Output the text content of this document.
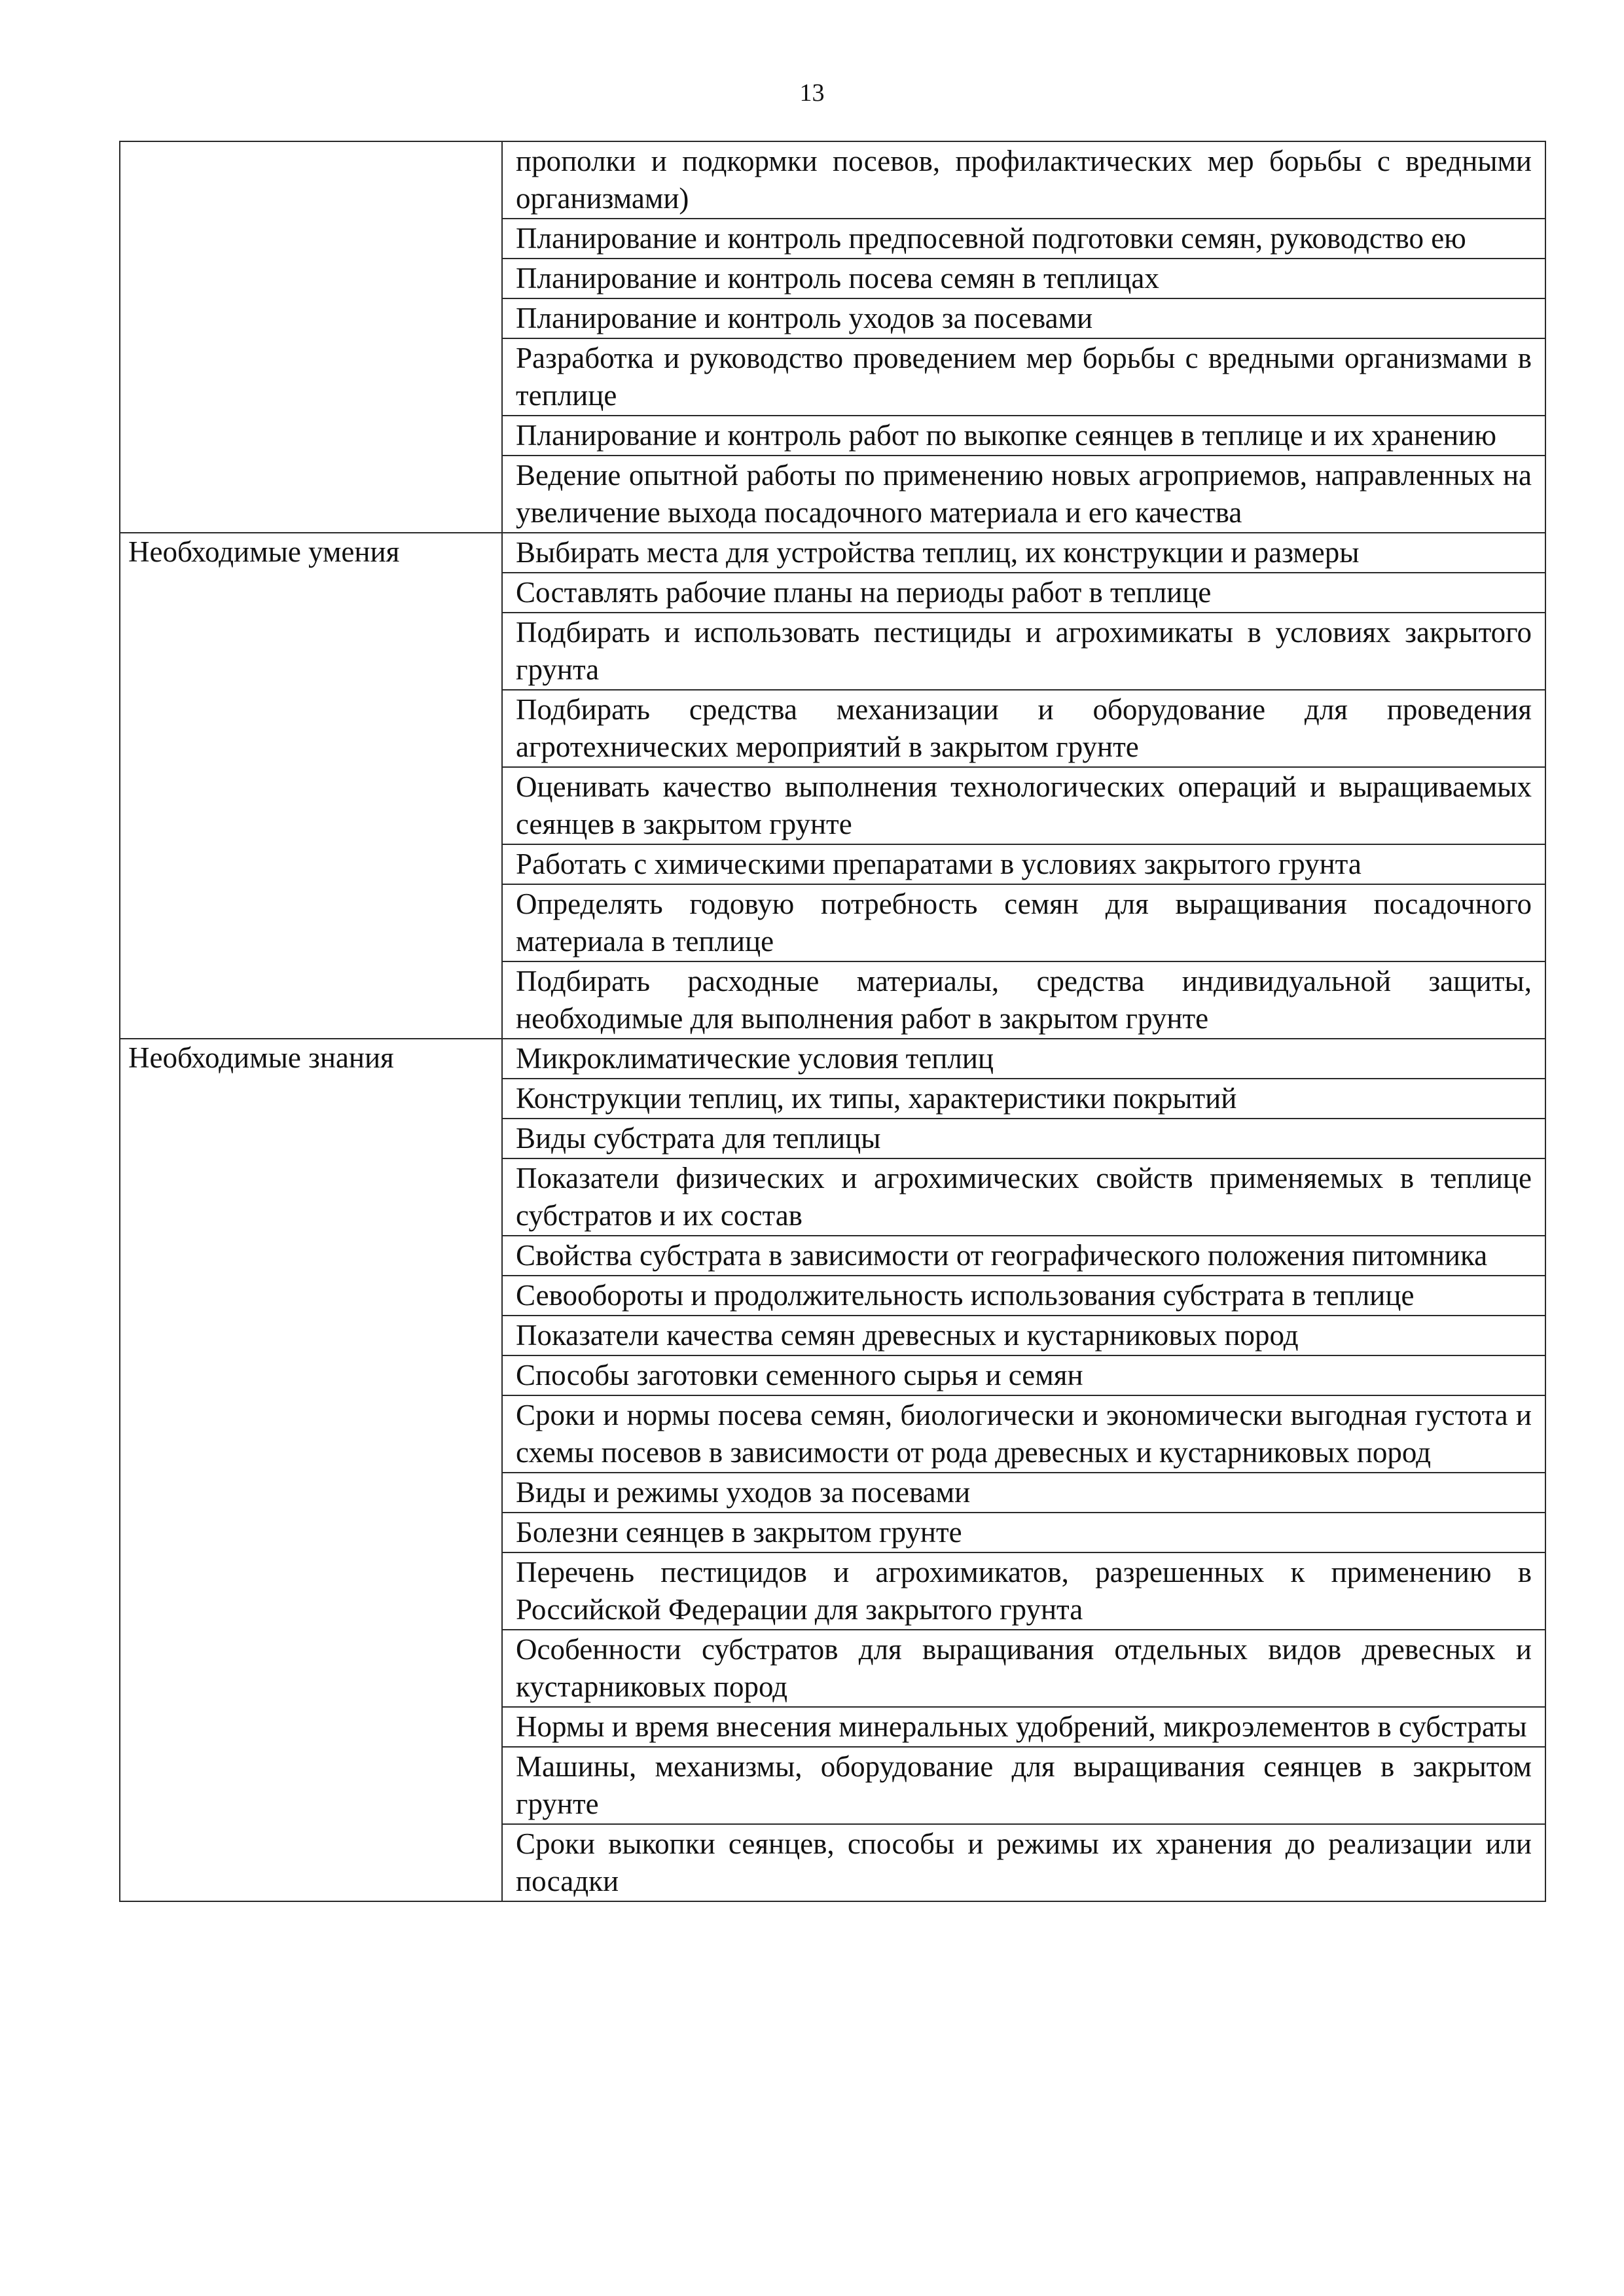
13
	прополки и подкормки посевов, профилактических мер борьбы с вредными организмами)
	Планирование и контроль предпосевной подготовки семян, руководство ею
	Планирование и контроль посева семян в теплицах
	Планирование и контроль уходов за посевами
	Разработка и руководство проведением мер борьбы с вредными организмами в теплице
	Планирование и контроль работ по выкопке сеянцев в теплице и их хранению
	Ведение опытной работы по применению новых агроприемов, направленных на увеличение выхода посадочного материала и его качества
Необходимые умения	Выбирать места для устройства теплиц, их конструкции и размеры
	Составлять рабочие планы на периоды работ в теплице
	Подбирать и использовать пестициды и агрохимикаты в условиях закрытого грунта
	Подбирать средства механизации и оборудование для проведения агротехнических мероприятий в закрытом грунте
	Оценивать качество выполнения технологических операций и выращиваемых сеянцев в закрытом грунте
	Работать с химическими препаратами в условиях закрытого грунта
	Определять годовую потребность семян для выращивания посадочного материала в теплице
	Подбирать расходные материалы, средства индивидуальной защиты, необходимые для выполнения работ в закрытом грунте
Необходимые знания	Микроклиматические условия теплиц
	Конструкции теплиц, их типы, характеристики покрытий
	Виды субстрата для теплицы
	Показатели физических и агрохимических свойств применяемых в теплице субстратов и их состав
	Свойства субстрата в зависимости от географического положения питомника
	Севообороты и продолжительность использования субстрата в теплице
	Показатели качества семян древесных и кустарниковых пород
	Способы заготовки семенного сырья и семян
	Сроки и нормы посева семян, биологически и экономически выгодная густота и схемы посевов в зависимости от рода древесных и кустарниковых пород
	Виды и режимы уходов за посевами
	Болезни сеянцев в закрытом грунте
	Перечень пестицидов и агрохимикатов, разрешенных к применению в Российской Федерации для закрытого грунта
	Особенности субстратов для выращивания отдельных видов древесных и кустарниковых пород
	Нормы и время внесения минеральных удобрений, микроэлементов в субстраты
	Машины, механизмы, оборудование для выращивания сеянцев в закрытом грунте
	Сроки выкопки сеянцев, способы и режимы их хранения до реализации или посадки
